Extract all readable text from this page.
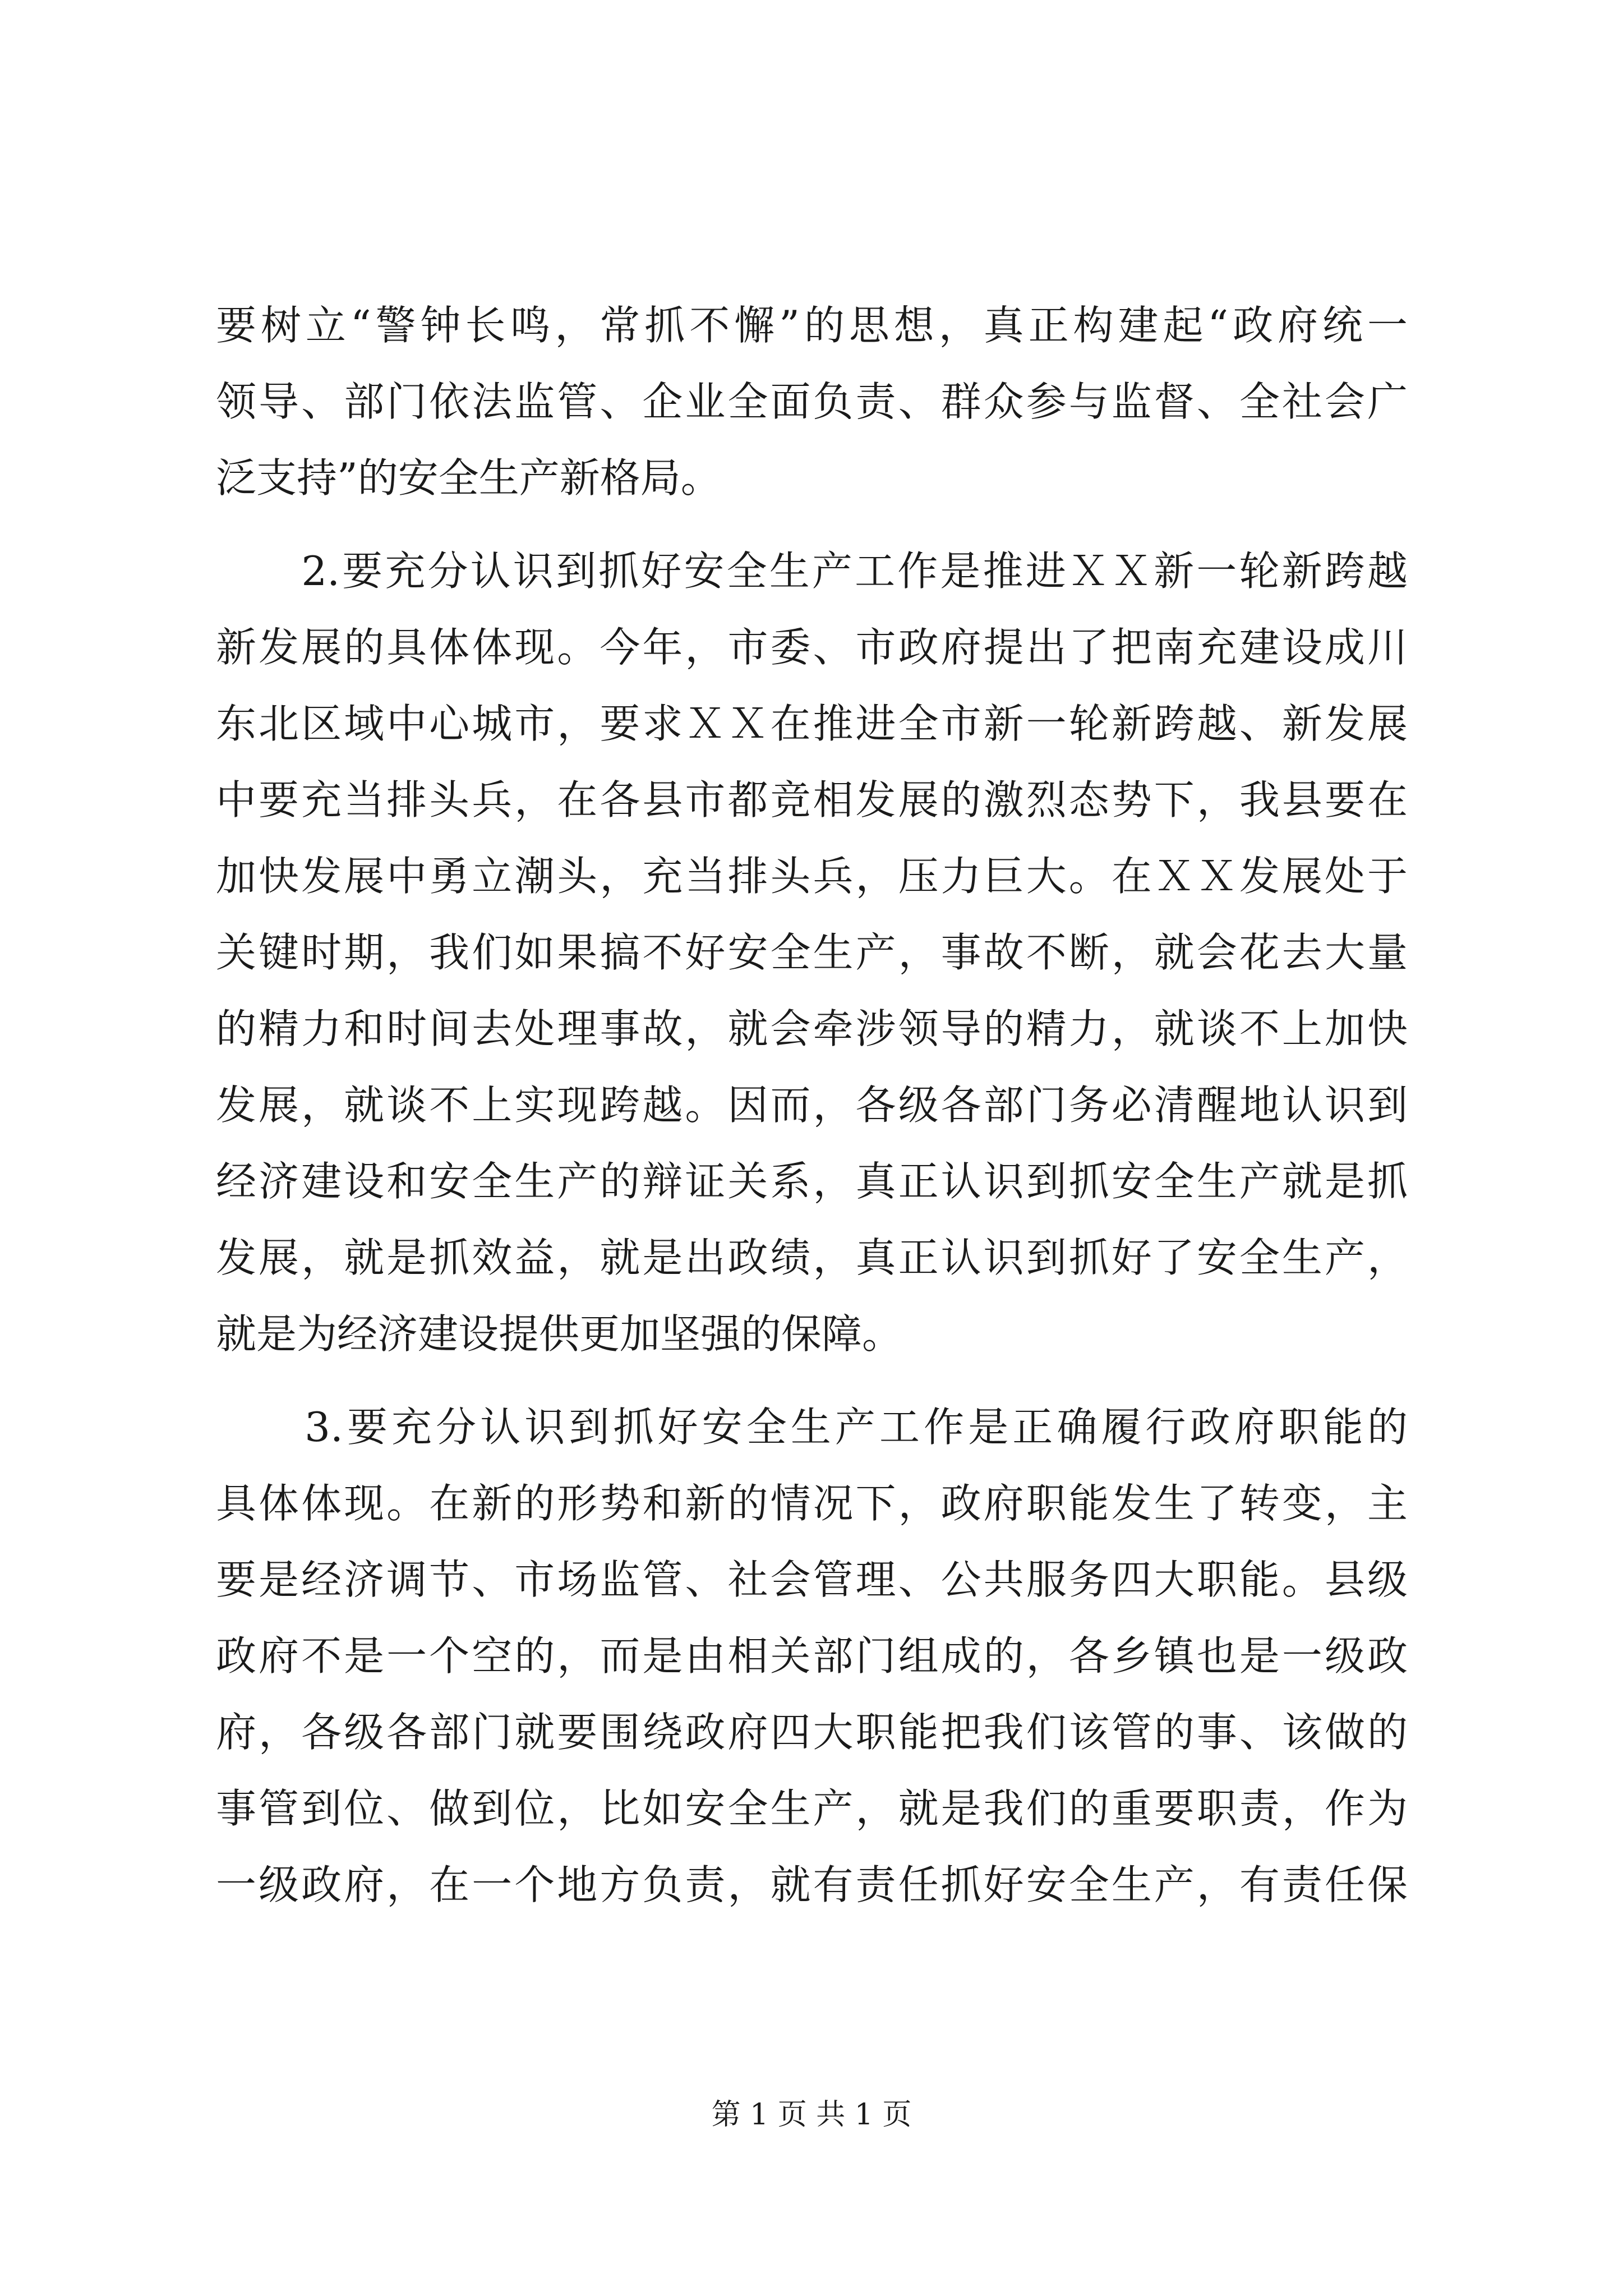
要树立“警钟长鸣，常抓不懈”的思想，真正构建起“政府统一
领导、部门依法监管、企业全面负责、群众参与监督、全社会广
泛支持”的安全生产新格局。
　　2.要充分认识到抓好安全生产工作是推进ＸＸ新一轮新跨越
新发展的具体体现。今年，市委、市政府提出了把南充建设成川
东北区域中心城市，要求ＸＸ在推进全市新一轮新跨越、新发展
中要充当排头兵，在各县市都竞相发展的激烈态势下，我县要在
加快发展中勇立潮头，充当排头兵，压力巨大。在ＸＸ发展处于
关键时期，我们如果搞不好安全生产，事故不断，就会花去大量
的精力和时间去处理事故，就会牵涉领导的精力，就谈不上加快
发展，就谈不上实现跨越。因而，各级各部门务必清醒地认识到
经济建设和安全生产的辩证关系，真正认识到抓安全生产就是抓
发展，就是抓效益，就是出政绩，真正认识到抓好了安全生产，
就是为经济建设提供更加坚强的保障。
　　3.要充分认识到抓好安全生产工作是正确履行政府职能的
具体体现。在新的形势和新的情况下，政府职能发生了转变，主
要是经济调节、市场监管、社会管理、公共服务四大职能。县级
政府不是一个空的，而是由相关部门组成的，各乡镇也是一级政
府，各级各部门就要围绕政府四大职能把我们该管的事、该做的
事管到位、做到位，比如安全生产，就是我们的重要职责，作为
一级政府，在一个地方负责，就有责任抓好安全生产，有责任保
第 1 页 共 1 页
